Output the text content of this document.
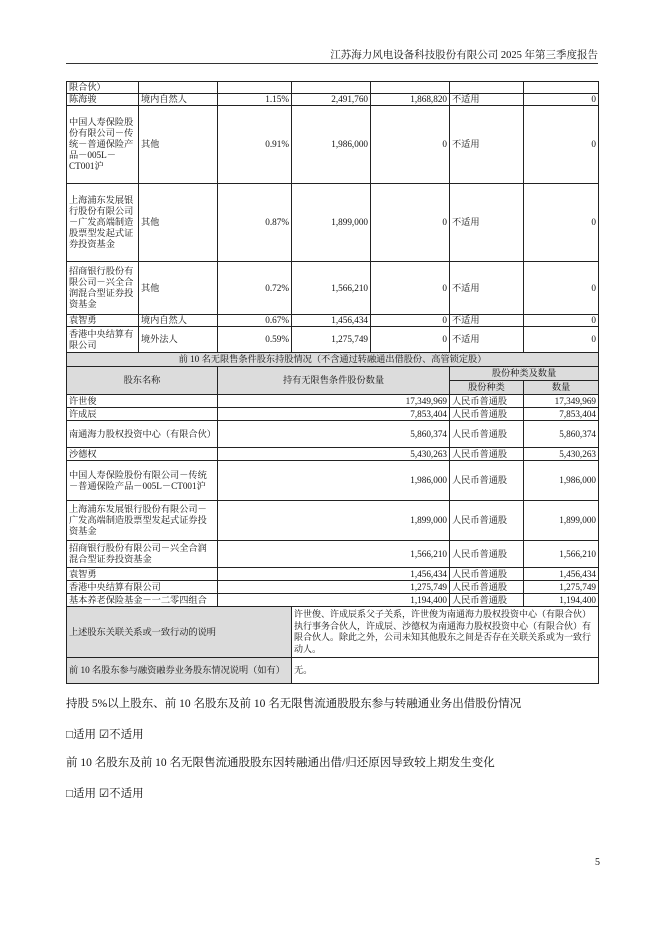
江苏海力风电设备科技股份有限公司 2025 年第三季度报告
限合伙）						
陈海骏	境内自然人	1.15%	2,491,760	1,868,820	不适用	0
中国人寿保险股份有限公司－传统－普通保险产品－005L－CT001沪	其他	0.91%	1,986,000	0	不适用	0
上海浦东发展银行股份有限公司－广发高端制造股票型发起式证券投资基金	其他	0.87%	1,899,000	0	不适用	0
招商银行股份有限公司－兴全合润混合型证券投资基金	其他	0.72%	1,566,210	0	不适用	0
袁智勇	境内自然人	0.67%	1,456,434	0	不适用	0
香港中央结算有限公司	境外法人	0.59%	1,275,749	0	不适用	0
前 10 名无限售条件股东持股情况（不含通过转融通出借股份、高管锁定股）						
股东名称		持有无限售条件股份数量			股份种类及数量	
					股份种类	数量
许世俊		17,349,969			人民币普通股	17,349,969
许成辰		7,853,404			人民币普通股	7,853,404
南通海力股权投资中心（有限合伙）		5,860,374			人民币普通股	5,860,374
沙德权		5,430,263			人民币普通股	5,430,263
中国人寿保险股份有限公司－传统－普通保险产品－005L－CT001沪		1,986,000			人民币普通股	1,986,000
上海浦东发展银行股份有限公司－广发高端制造股票型发起式证券投资基金		1,899,000			人民币普通股	1,899,000
招商银行股份有限公司－兴全合润混合型证券投资基金		1,566,210			人民币普通股	1,566,210
袁智勇		1,456,434			人民币普通股	1,456,434
香港中央结算有限公司		1,275,749			人民币普通股	1,275,749
基本养老保险基金－一二零四组合		1,194,400			人民币普通股	1,194,400
上述股东关联关系或一致行动的说明			许世俊、许成辰系父子关系，许世俊为南通海力股权投资中心（有限合伙）执行事务合伙人，许成辰、沙德权为南通海力股权投资中心（有限合伙）有限合伙人。除此之外，公司未知其他股东之间是否存在关联关系或为一致行动人。			
前 10 名股东参与融资融券业务股东情况说明（如有）			无。			
持股 5%以上股东、前 10 名股东及前 10 名无限售流通股股东参与转融通业务出借股份情况
□适用 ☑不适用
前 10 名股东及前 10 名无限售流通股股东因转融通出借/归还原因导致较上期发生变化
□适用 ☑不适用
5
